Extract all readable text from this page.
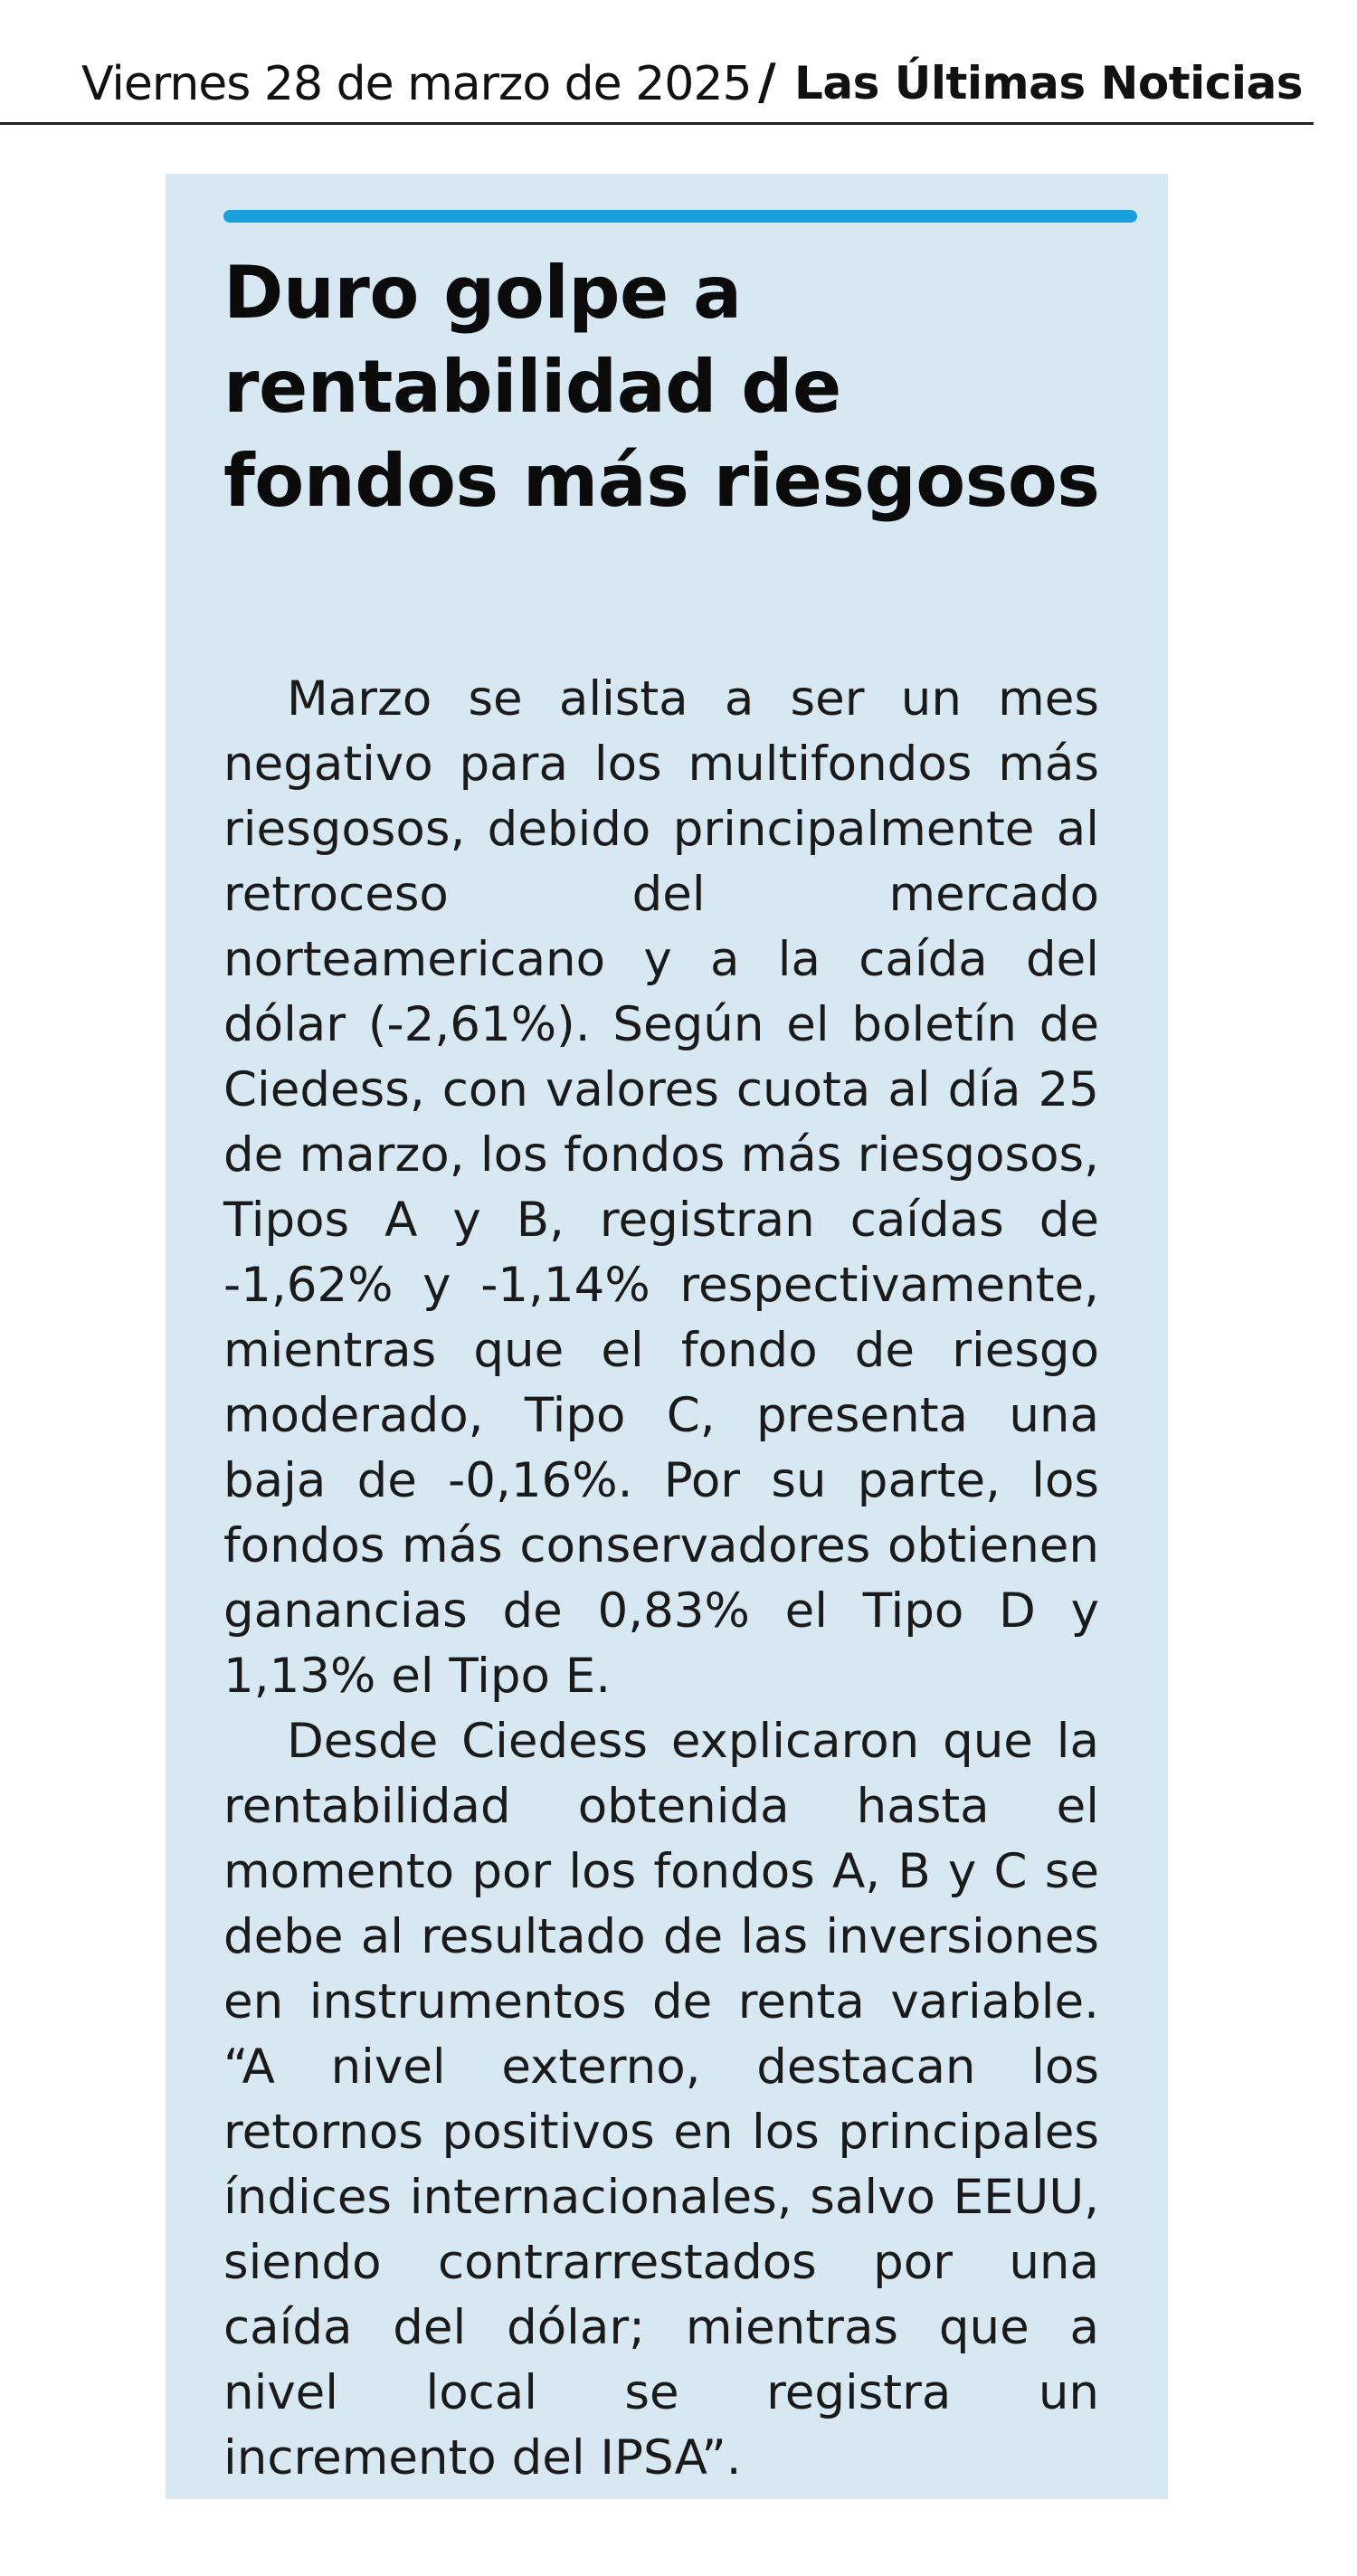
Viernes 28 de marzo de 2025 / Las Últimas Noticias
Duro golpe a rentabilidad de fondos más riesgosos

Marzo se alista a ser un mes negativo para los multifondos más riesgosos, debido principalmente al retroceso del mercado norteamericano y a la caída del dólar (-2,61%). Según el boletín de Ciedess, con valores cuota al día 25 de marzo, los fondos más riesgosos, Tipos A y B, registran caídas de -1,62% y -1,14% respectivamente, mientras que el fondo de riesgo moderado, Tipo C, presenta una baja de -0,16%. Por su parte, los fondos más conservadores obtienen ganancias de 0,83% el Tipo D y 1,13% el Tipo E.

Desde Ciedess explicaron que la rentabilidad obtenida hasta el momento por los fondos A, B y C se debe al resultado de las inversiones en instrumentos de renta variable. “A nivel externo, destacan los retornos positivos en los principales índices internacionales, salvo EEUU, siendo contrarrestados por una caída del dólar; mientras que a nivel local se registra un incremento del IPSA”.
